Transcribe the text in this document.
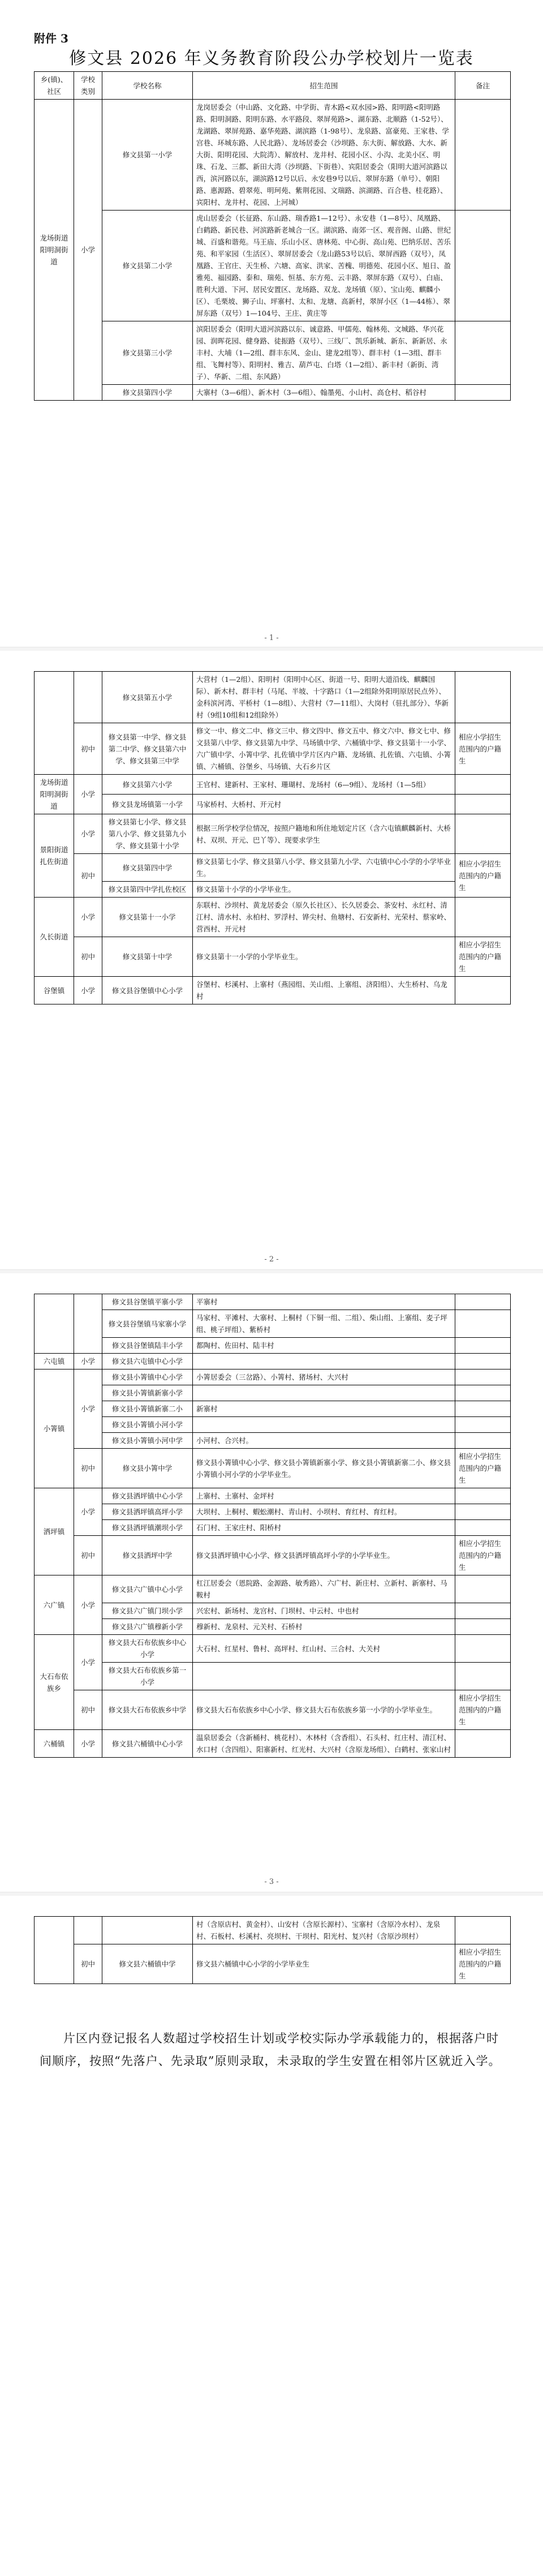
附件 3
修文县 2026 年义务教育阶段公办学校划片一览表
乡(镇)、社区	学校类别	学校名称	招生范围	备注
龙场街道阳明洞街道	小学	修文县第一小学	龙岗居委会（中山路、文化路、中学街、青木路<双水园>路、阳明路<阳明路路、阳明洞路、阳明东路、水平路段、翠屏苑路>、湖东路、北顺路（1-52号）、龙湖路、翠屏苑路、嘉华苑路、湖滨路（1-98号）、龙泉路、富豪苑、王家巷、学宫巷、环城东路、人民北路）、龙场居委会（沙坝路、东大街、解放路、大水、新大街、阳明花园、大院湾）、解放村、龙井村、花园小区、小沟、北美小区、明珠、石龙、三都、新田大湾（沙坝路、下街巷）、宾阳居委会（阳明大道河滨路以西，滨河路以东，湖滨路12号以后、永安巷9号以后、翠屏东路（单号）、朝阳路、惠源路、碧翠苑、明珂苑、紫荆花园、文瑞路、滨湖路、百合巷、桂花路）、宾阳村、龙井村、花园、上河城）	
		修文县第二小学	虎山居委会（长征路、东山路、瑞香路1—12号）、永安巷（1—8号）、凤凰路、白鹤路、新民巷、河滨路新老城合一区。湖滨路、南郊一区、观音阁、山路、世纪城、百盛和谐苑。马王庙、乐山小区、唐林苑、中心街、高山苑、巴纳乐居、苦乐苑、和平家园（生活区）、翠屏居委会（龙山路53号以后、翠屏西路（双号），凤凰路、王官庄、天生桥、六塘、高家、洪家、苦槐、明德苑、花园小区、旭日、盈雅苑、福园路、泰和、瑞苑、恒基、东方苑、云丰路、翠屏东路（双号）、白庙、胜利大道、下河、居民安置区、龙场路、双龙、龙场镇（原）、宝山苑、麒麟小区）、毛栗坡、狮子山、坪寨村、太和、龙塘、高新村，翠屏小区（1—44栋）、翠屏东路（双号）1—104号、王庄、黄庄等	
		修文县第三小学	滨阳居委会（阳明大道河滨路以东、诚意路、甲儒苑、翰林苑、文城路、华兴花园、润晖花园、健身路、徒振路（双号）、三线厂、凯乐新城、新东、新新居、永丰村、大埔（1—2组、群丰东风、金山、建龙2组等）、群丰村（1—3组、群丰组、飞舞村等）、阳明村、雅吉、葫芦屯、白塔（1—2组）、新丰村（新街、湾子）、华新、二组、东风路）	
		修文县第四小学	大寨村（3—6组）、新木村（3—6组）、翰墨苑、小山村、高仓村、稻谷村	
- 1 -
		修文县第五小学	大营村（1—2组）、阳明村（阳明中心区、街道一号、阳明大道沿线、麒麟国际）、新木村、群丰村（马尾、半坡、十字路口（1—2组除外阳明原居民点外）、金科滨河湾、平桥村（1—8组）、大营村（7—11组）、大岗村（驻扎部分）、华新村（9组10组和12组除外）	
	初中	修文县第一中学、修文县第二中学、修文县第六中学、修文县第三中学	修文一中、修文二中、修文三中、修文四中、修文五中、修文六中、修文七中、修文县第八中学、修文县第九中学、马场镇中学、六桶镇中学、修文县第十一小学、六广镇中学、小箐中学、扎佐镇中学片区内户籍、龙场镇、扎佐镇、六屯镇、小箐镇、六桶镇、谷堡乡、马场镇、大石乡片区	相应小学招生范围内的户籍生
龙场街道阳明洞街道	小学	修文县第六小学	王官村、建新村、王家村、珊瑚村、龙场村（6—9组）、龙场村（1—5组）	
		修文县龙场镇第一小学	马家桥村、大桥村、开元村	
景阳街道扎佐街道	小学	修文县第七小学、修文县第八小学、修文县第九小学、修文县第十小学	根据三所学校学位情况，按照户籍地和所住地划定片区（含六屯镇麒麟新村、大桥村、双坝、开元、巴丫等）、现要求学生	
	初中	修文县第四中学	修文县第七小学、修文县第八小学、修文县第九小学、六屯镇中心小学的小学毕业生。	相应小学招生范围内的户籍生
		修文县第四中学扎佐校区	修文县第十小学的小学毕业生。	
久长街道	小学	修文县第十一小学	东联村、沙坝村、黄龙居委会（原久长社区）、长久居委会、茶安村、永红村、清江村、清水村、永柏村、罗浮村、铧尖村、鱼塘村、石安新村、光荣村、蔡家岭、营西村、开元村	
	初中	修文县第十中学	修文县第十一小学的小学毕业生。	相应小学招生范围内的户籍生
谷堡镇	小学	修文县谷堡镇中心小学	谷堡村、杉溪村、上寨村（燕园组、关山组、上寨组、济阳组）、大生桥村、乌龙村	
- 2 -
		修文县谷堡镇平寨小学	平寨村	
		修文县谷堡镇马家寨小学	马家村、平滩村、大寨村、上桐村（下铜一组、二组）、柴山组、上寨组、麦子坪组、桃子坪组）、紫桥村	
		修文县谷堡镇陆丰小学	都陶村、佐田村、陆丰村	
六屯镇	小学	修文县六屯镇中心小学		
小箐镇	小学	修文县小箐镇中心小学	小箐居委会（三岔路）、小箐村、猪场村、大兴村	
		修文县小箐镇新寨小学		
		修文县小箐镇新寨二小	新寨村	
		修文县小箐镇小河小学		
		修文县小箐镇小河中学	小河村、合兴村。	
	初中	修文县小箐中学	修文县小箐镇中心小学、修文县小箐镇新寨小学、修文县小箐镇新寨二小、修文县小箐镇小河小学的小学毕业生。	相应小学招生范围内的户籍生
洒坪镇	小学	修文县洒坪镇中心小学	上寨村、土寨村、金坪村	
		修文县洒坪镇高坪小学	大坝村、上桐村、蝦蚣潮村、青山村、小坝村、育红村、育红村。	
		修文县洒坪镇潮坝小学	石门村、王家庄村、阳桥村	
	初中	修文县洒坪中学	修文县洒坪镇中心小学、修文县洒坪镇高坪小学的小学毕业生。	相应小学招生范围内的户籍生
六广镇	小学	修文县六广镇中心小学	杠江居委会（恩院路、金源路、敏秀路）、六广村、新庄村、立新村、新寨村、马鞍村	
		修文县六广镇门坝小学	兴宏村、新场村、龙宫村、门坝村、中云村、中也村	
		修文县六广镇穆新小学	穆新村、龙泉村、元关村、石桥村	
大石布依族乡	小学	修文县大石布依族乡中心小学	大石村、红星村、鲁村、高坪村、红山村、三合村、大关村	
		修文县大石布依族乡第一小学		
	初中	修文县大石布依族乡中学	修文县大石布依族乡中心小学、修文县大石布依族乡第一小学的小学毕业生。	相应小学招生范围内的户籍生
六桶镇	小学	修文县六桶镇中心小学	温泉居委会（含新桶村、桃花村）、木林村（含香组）、石头村、红庄村、清江村、水口村（含四组）、阳寨新村、红光村、大兴村（含原龙场组）、白鹤村、张家山村	
- 3 -
			村（含原店村、黄金村）、山安村（含原长源村）、宝寨村（含原冷水村）、龙泉村、石板村、杉溪村、亮坝村、干坝村、阳光村、复兴村（含原沙坝村）	
	初中	修文县六桶镇中学	修文县六桶镇中心小学的小学毕业生	相应小学招生范围内的户籍生
片区内登记报名人数超过学校招生计划或学校实际办学承载能力的，根据落户时间顺序，按照“先落户、先录取”原则录取，未录取的学生安置在相邻片区就近入学。
